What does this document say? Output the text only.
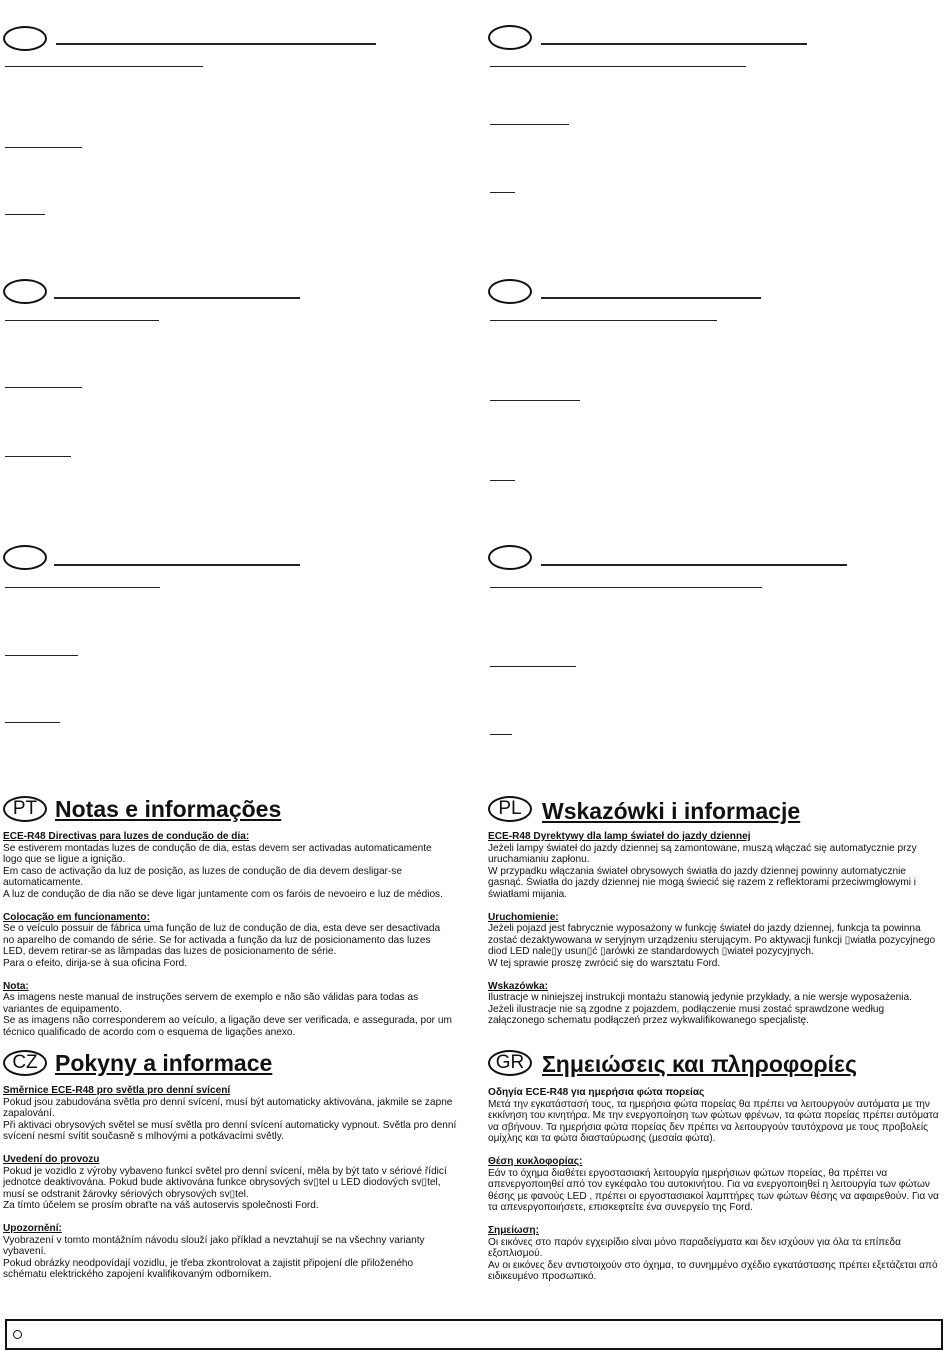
PT Notas e informações
ECE-R48 Directivas para luzes de condução de dia:
Se estiverem montadas luzes de condução de dia, estas devem ser activadas automaticamente logo que se ligue a ignição.
Em caso de activação da luz de posição, as luzes de condução de dia devem desligar-se automaticamente.
A luz de condução de dia não se deve ligar juntamente com os faróis de nevoeiro e luz de médios.
Colocação em funcionamento:
Se o veículo possuir de fábrica uma função de luz de condução de dia, esta deve ser desactivada no aparelho de comando de série. Se for activada a função da luz de posicionamento das luzes LED, devem retirar-se as lâmpadas das luzes de posicionamento de série.
Para o efeito, dirija-se à sua oficina Ford.
Nota:
As imagens neste manual de instruções servem de exemplo e não são válidas para todas as variantes de equipamento.
Se as imagens não corresponderem ao veículo, a ligação deve ser verificada, e assegurada, por um técnico qualificado de acordo com o esquema de ligações anexo.
PL Wskazówki i informacje
ECE-R48 Dyrektywy dla lamp świateł do jazdy dziennej
Jeżeli lampy świateł do jazdy dziennej są zamontowane, muszą włączać się automatycznie przy uruchamianiu zapłonu.
W przypadku włączania świateł obrysowych światła do jazdy dziennej powinny automatycznie gasnąć. Światła do jazdy dziennej nie mogą świecić się razem z reflektorami przeciwmgłowymi i światłami mijania.
Uruchomienie:
Jeżeli pojazd jest fabrycznie wyposażony w funkcję świateł do jazdy dziennej, funkcja ta powinna zostać dezaktywowana w seryjnym urządzeniu sterującym. Po aktywacji funkcji ▯wiatła pozycyjnego diod LED nale▯y usun▯ć ▯arówki ze standardowych ▯wiateł pozycyjnych.
W tej sprawie proszę zwrócić się do warsztatu Ford.
Wskazówka:
Ilustracje w niniejszej instrukcji montażu stanowią jedynie przykłady, a nie wersje wyposażenia.
Jeżeli ilustracje nie są zgodne z pojazdem, podłączenie musi zostać sprawdzone według załączonego schematu podłączeń przez wykwalifikowanego specjalistę.
CZ Pokyny a informace
Směrnice ECE-R48 pro světla pro denní svícení
Pokud jsou zabudována světla pro denní svícení, musí být automaticky aktivována, jakmile se zapne zapalování.
Při aktivaci obrysových světel se musí světla pro denní svícení automaticky vypnout. Světla pro denní svícení nesmí svítit současně s mlhovými a potkávacími světly.
Uvedení do provozu
Pokud je vozidlo z výroby vybaveno funkcí světel pro denní svícení, měla by být tato v sériové řídicí jednotce deaktivována. Pokud bude aktivována funkce obrysových sv▯tel u LED diodových sv▯tel, musí se odstranit žárovky sériových obrysových sv▯tel.
Za tímto účelem se prosím obraťte na váš autoservis společnosti Ford.
Upozornění:
Vyobrazení v tomto montážním návodu slouží jako příklad a nevztahují se na všechny varianty vybavení.
Pokud obrázky neodpovídají vozidlu, je třeba zkontrolovat a zajistit připojení dle přiloženého schématu elektrického zapojení kvalifikovaným odborníkem.
GR Σημειώσεις και πληροφορίες
Οδηγία ECE-R48 για ημερήσια φώτα πορείας
Μετά την εγκατάστασή τους, τα ημερήσια φώτα πορείας θα πρέπει να λειτουργούν αυτόματα με την εκκίνηση του κινητήρα. Με την ενεργοποίηση των φώτων φρένων, τα φώτα πορείας πρέπει αυτόματα να σβήνουν. Τα ημερήσια φώτα πορείας δεν πρέπει να λειτουργούν ταυτόχρονα με τους προβολείς ομίχλης και τα φώτα διασταύρωσης (μεσαία φώτα).
Θέση κυκλοφορίας:
Εάν το όχημα διαθέτει εργοστασιακή λειτουργία ημερήσιων φώτων πορείας, θα πρέπει να απενεργοποιηθεί από τον εγκέφαλο του αυτοκινήτου. Για να ενεργοποιηθεί η λειτουργία των φώτων θέσης με φανούς LED , πρέπει οι εργοστασιακοί λαμπτήρες των φώτων θέσης να αφαιρεθούν. Για να τα απενεργοποιήσετε, επισκεφτείτε ένα συνεργείο της Ford.
Σημείωση:
Οι εικόνες στο παρόν εγχειρίδιο είναι μόνο παραδείγματα και δεν ισχύουν για όλα τα επίπεδα εξοπλισμού.
Αν οι εικόνες δεν αντιστοιχούν στο όχημα, το συνημμένο σχέδιο εγκατάστασης πρέπει εξετάζεται από ειδικευμένο προσωπικό.
